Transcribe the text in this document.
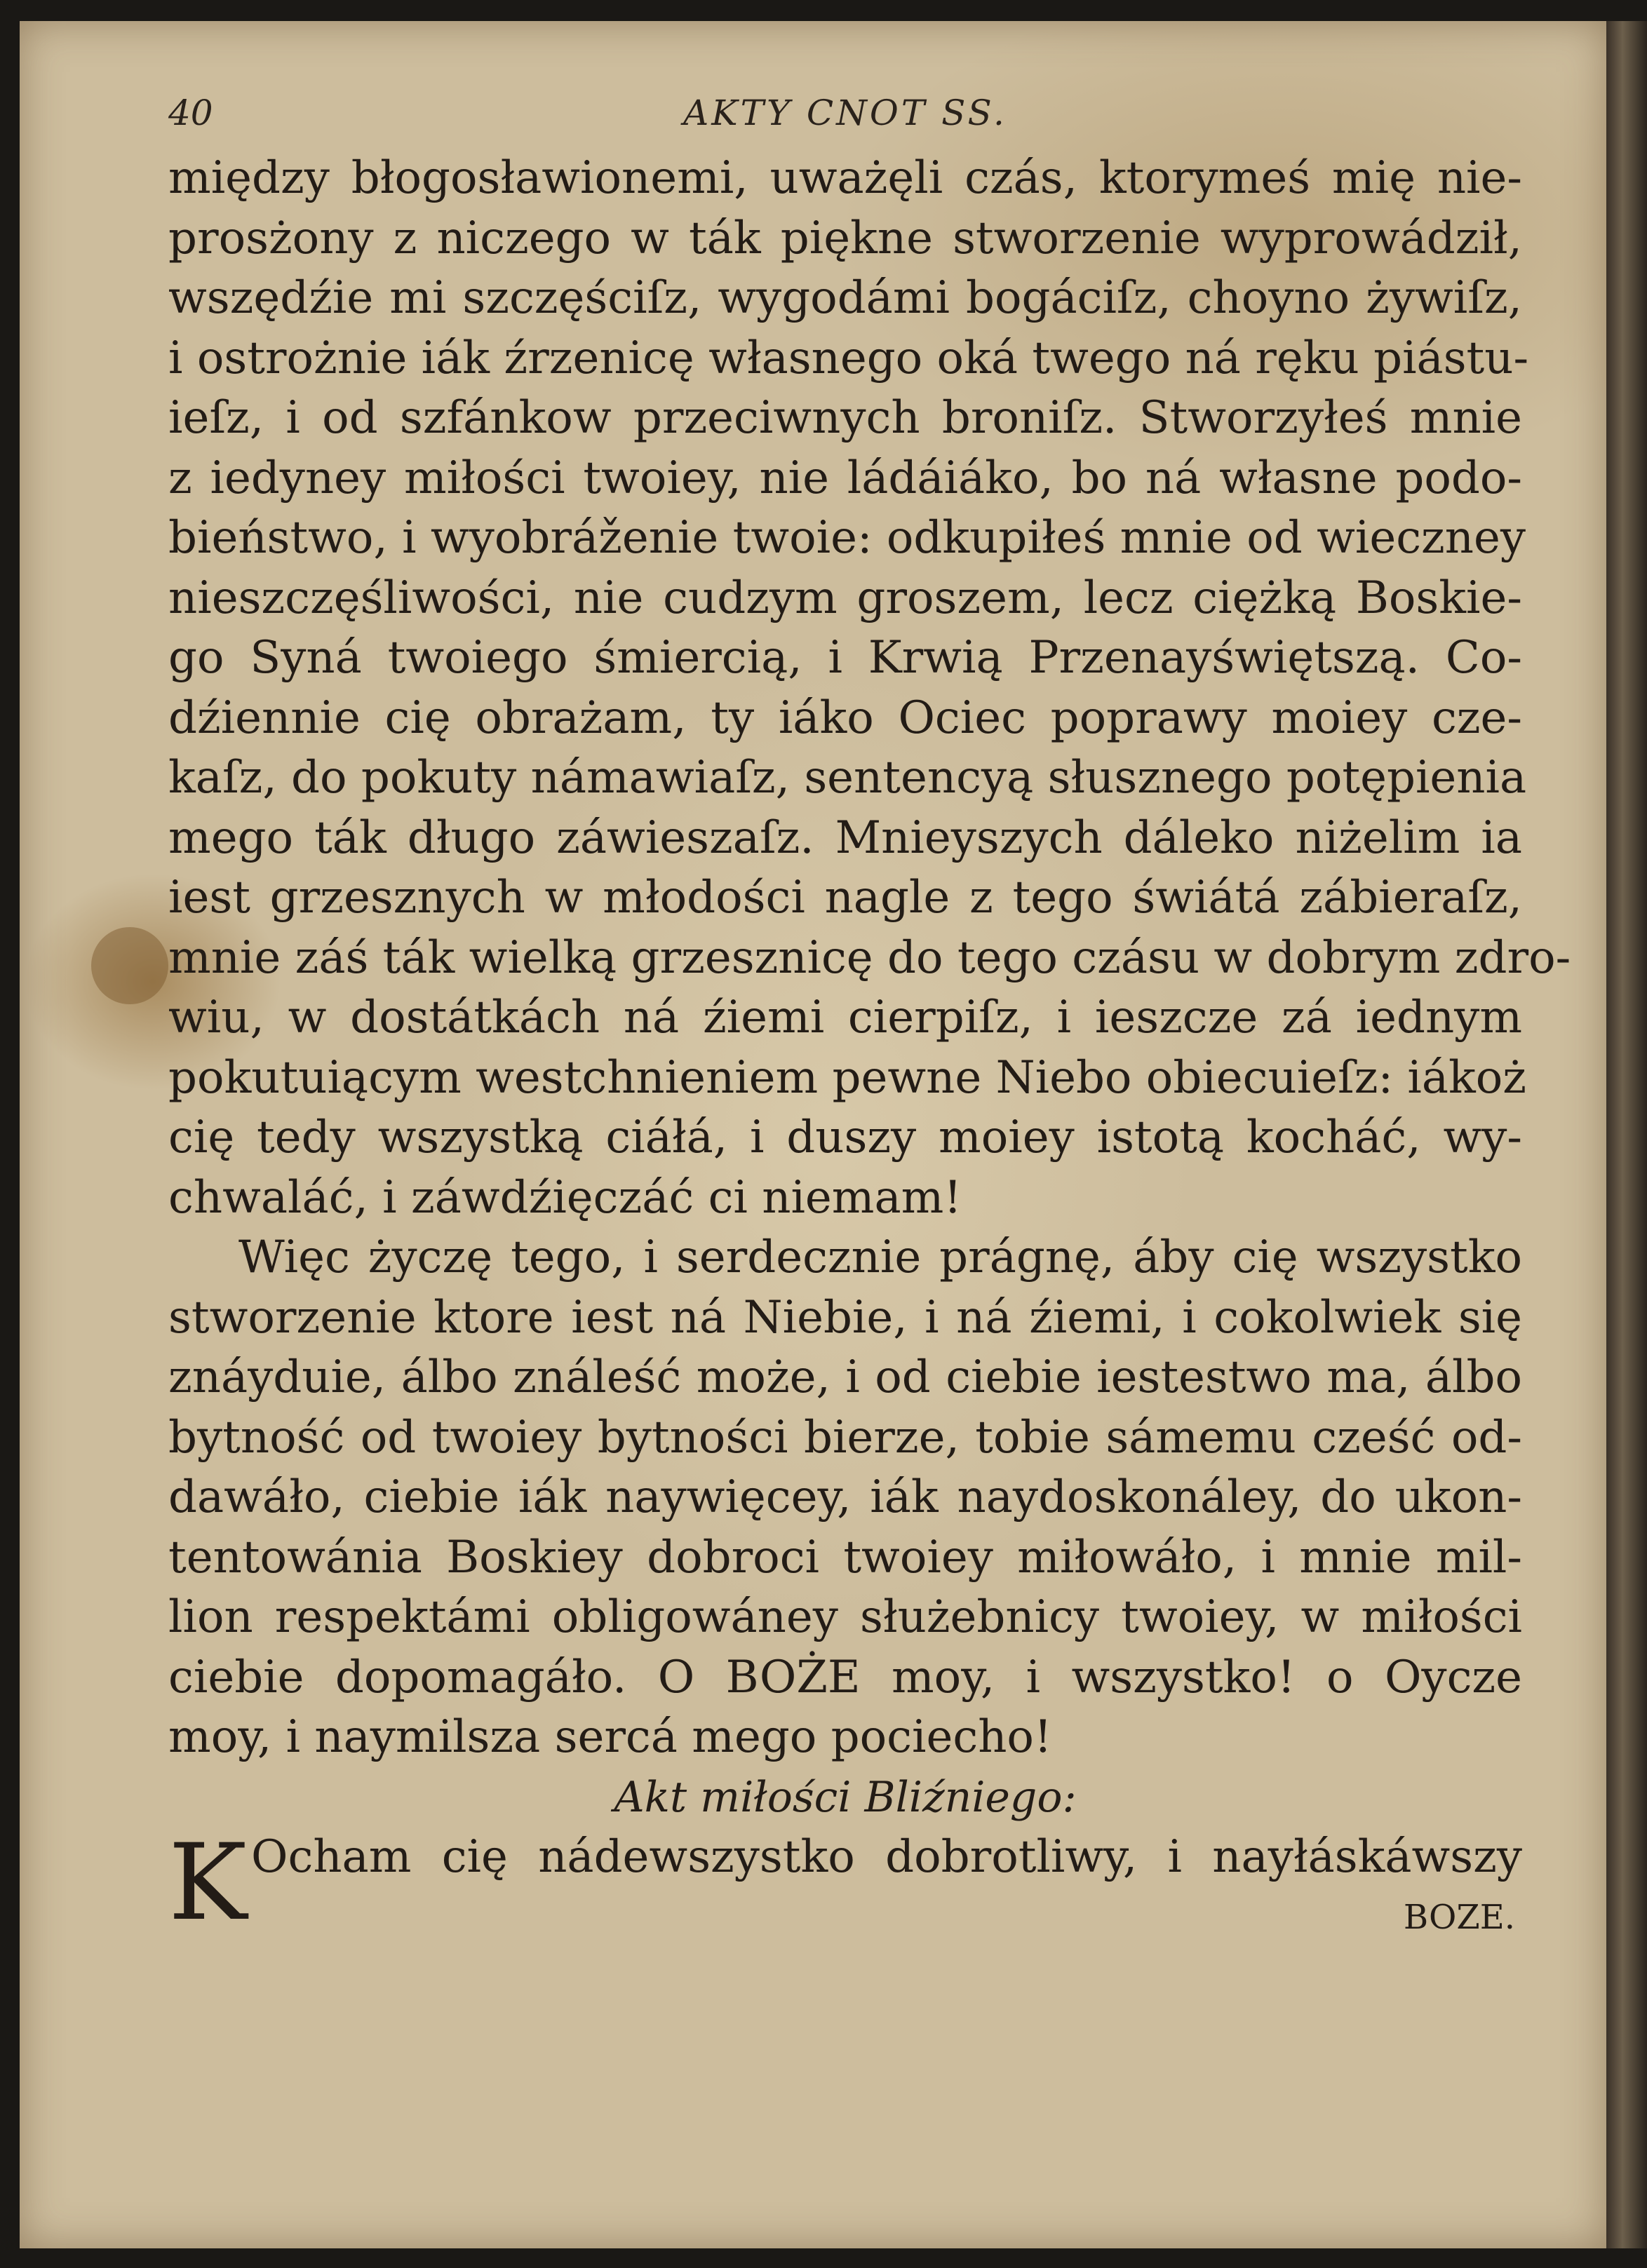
40	AKTY CNOT SS.
między błogosławionemi, uważęli czás, ktorymeś mię nie-
prosżony z niczego w ták piękne stworzenie wyprowádził,
wszędźie mi szczęściſz, wygodámi bogáciſz, choyno żywiſz,
i ostrożnie iák źrzenicę własnego oká twego ná ręku piástu-
ieſz, i od szfánkow przeciwnych broniſz. Stworzyłeś mnie
z iedyney miłości twoiey, nie ládáiáko, bo ná własne podo-
bieństwo, i wyobráženie twoie: odkupiłeś mnie od wieczney
nieszczęśliwości, nie cudzym groszem, lecz ciężką Boskie-
go Syná twoiego śmiercią, i Krwią Przenayświętszą. Co-
dźiennie cię obrażam, ty iáko Ociec poprawy moiey cze-
kaſz, do pokuty námawiaſz, sentencyą słusznego potępienia
mego ták długo záwieszaſz. Mnieyszych dáleko niżelim ia
iest grzesznych w młodości nagle z tego świátá zábieraſz,
mnie záś ták wielką grzesznicę do tego czásu w dobrym zdro-
wiu, w dostátkách ná źiemi cierpiſz, i ieszcze zá iednym
pokutuiącym westchnieniem pewne Niebo obiecuieſz: iákoż
cię tedy wszystką ciáłá, i duszy moiey istotą kocháć, wy-
chwaláć, i záwdźięczáć ci niemam!
Więc życzę tego, i serdecznie prágnę, áby cię wszystko
stworzenie ktore iest ná Niebie, i ná źiemi, i cokolwiek się
znáyduie, álbo ználeść może, i od ciebie iestestwo ma, álbo
bytność od twoiey bytności bierze, tobie sámemu cześć od-
dawáło, ciebie iák naywięcey, iák naydoskonáley, do ukon-
tentowánia Boskiey dobroci twoiey miłowáło, i mnie mil-
lion respektámi obligowáney służebnicy twoiey, w miłości
ciebie dopomagáło. O BOŻE moy, i wszystko! o Oycze
moy, i naymilsza sercá mego pociecho!
Akt miłości Bliźniego:
K Ocham cię nádewszystko dobrotliwy, i nayłáskáwszy
BOZE.
